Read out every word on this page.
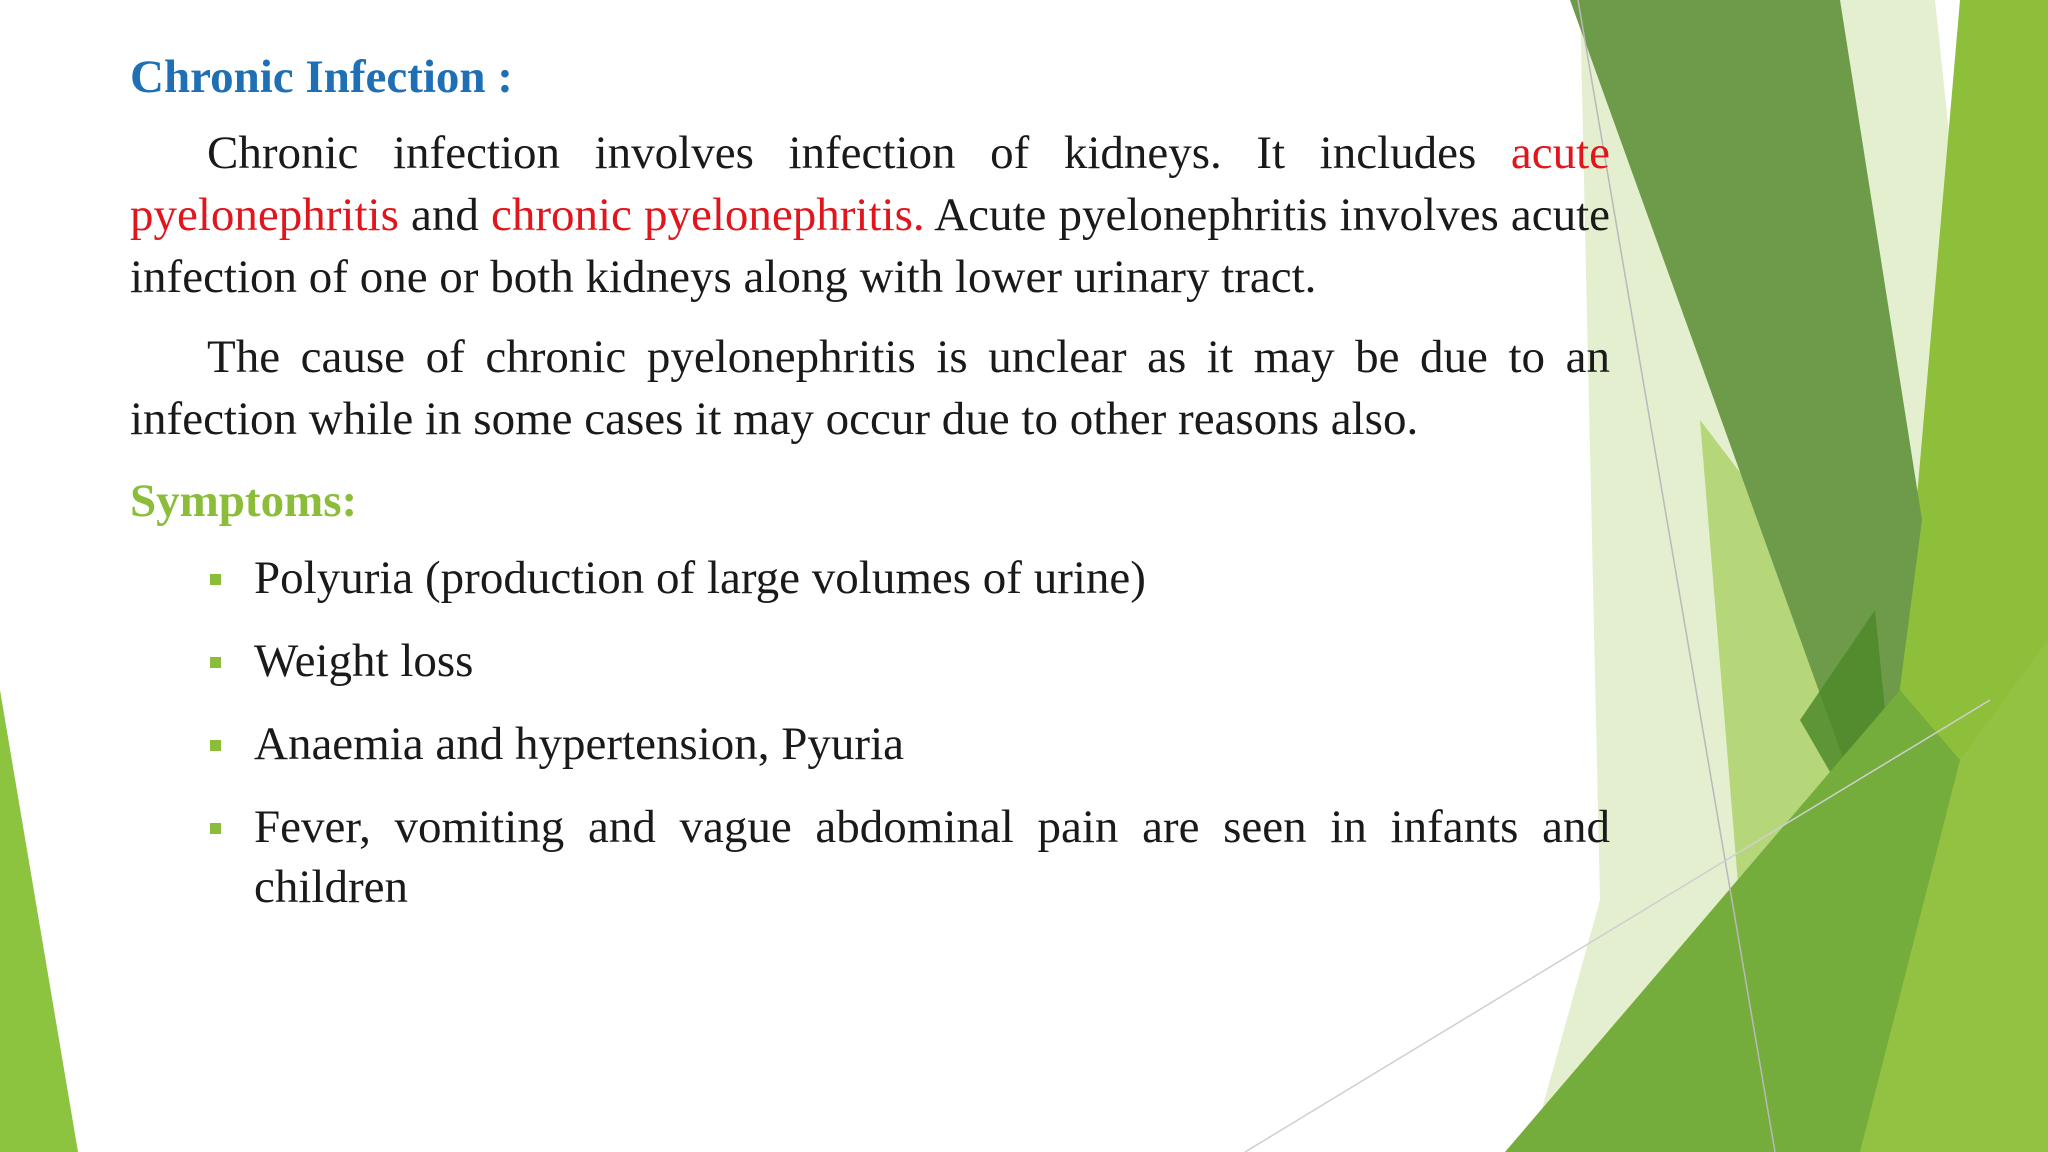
Chronic Infection :

Chronic infection involves infection of kidneys. It includes acute pyelonephritis and chronic pyelonephritis. Acute pyelonephritis involves acute infection of one or both kidneys along with lower urinary tract.

The cause of chronic pyelonephritis is unclear as it may be due to an infection while in some cases it may occur due to other reasons also.

Symptoms:
Polyuria (production of large volumes of urine)
Weight loss
Anaemia and hypertension, Pyuria
Fever, vomiting and vague abdominal pain are seen in infants and children
